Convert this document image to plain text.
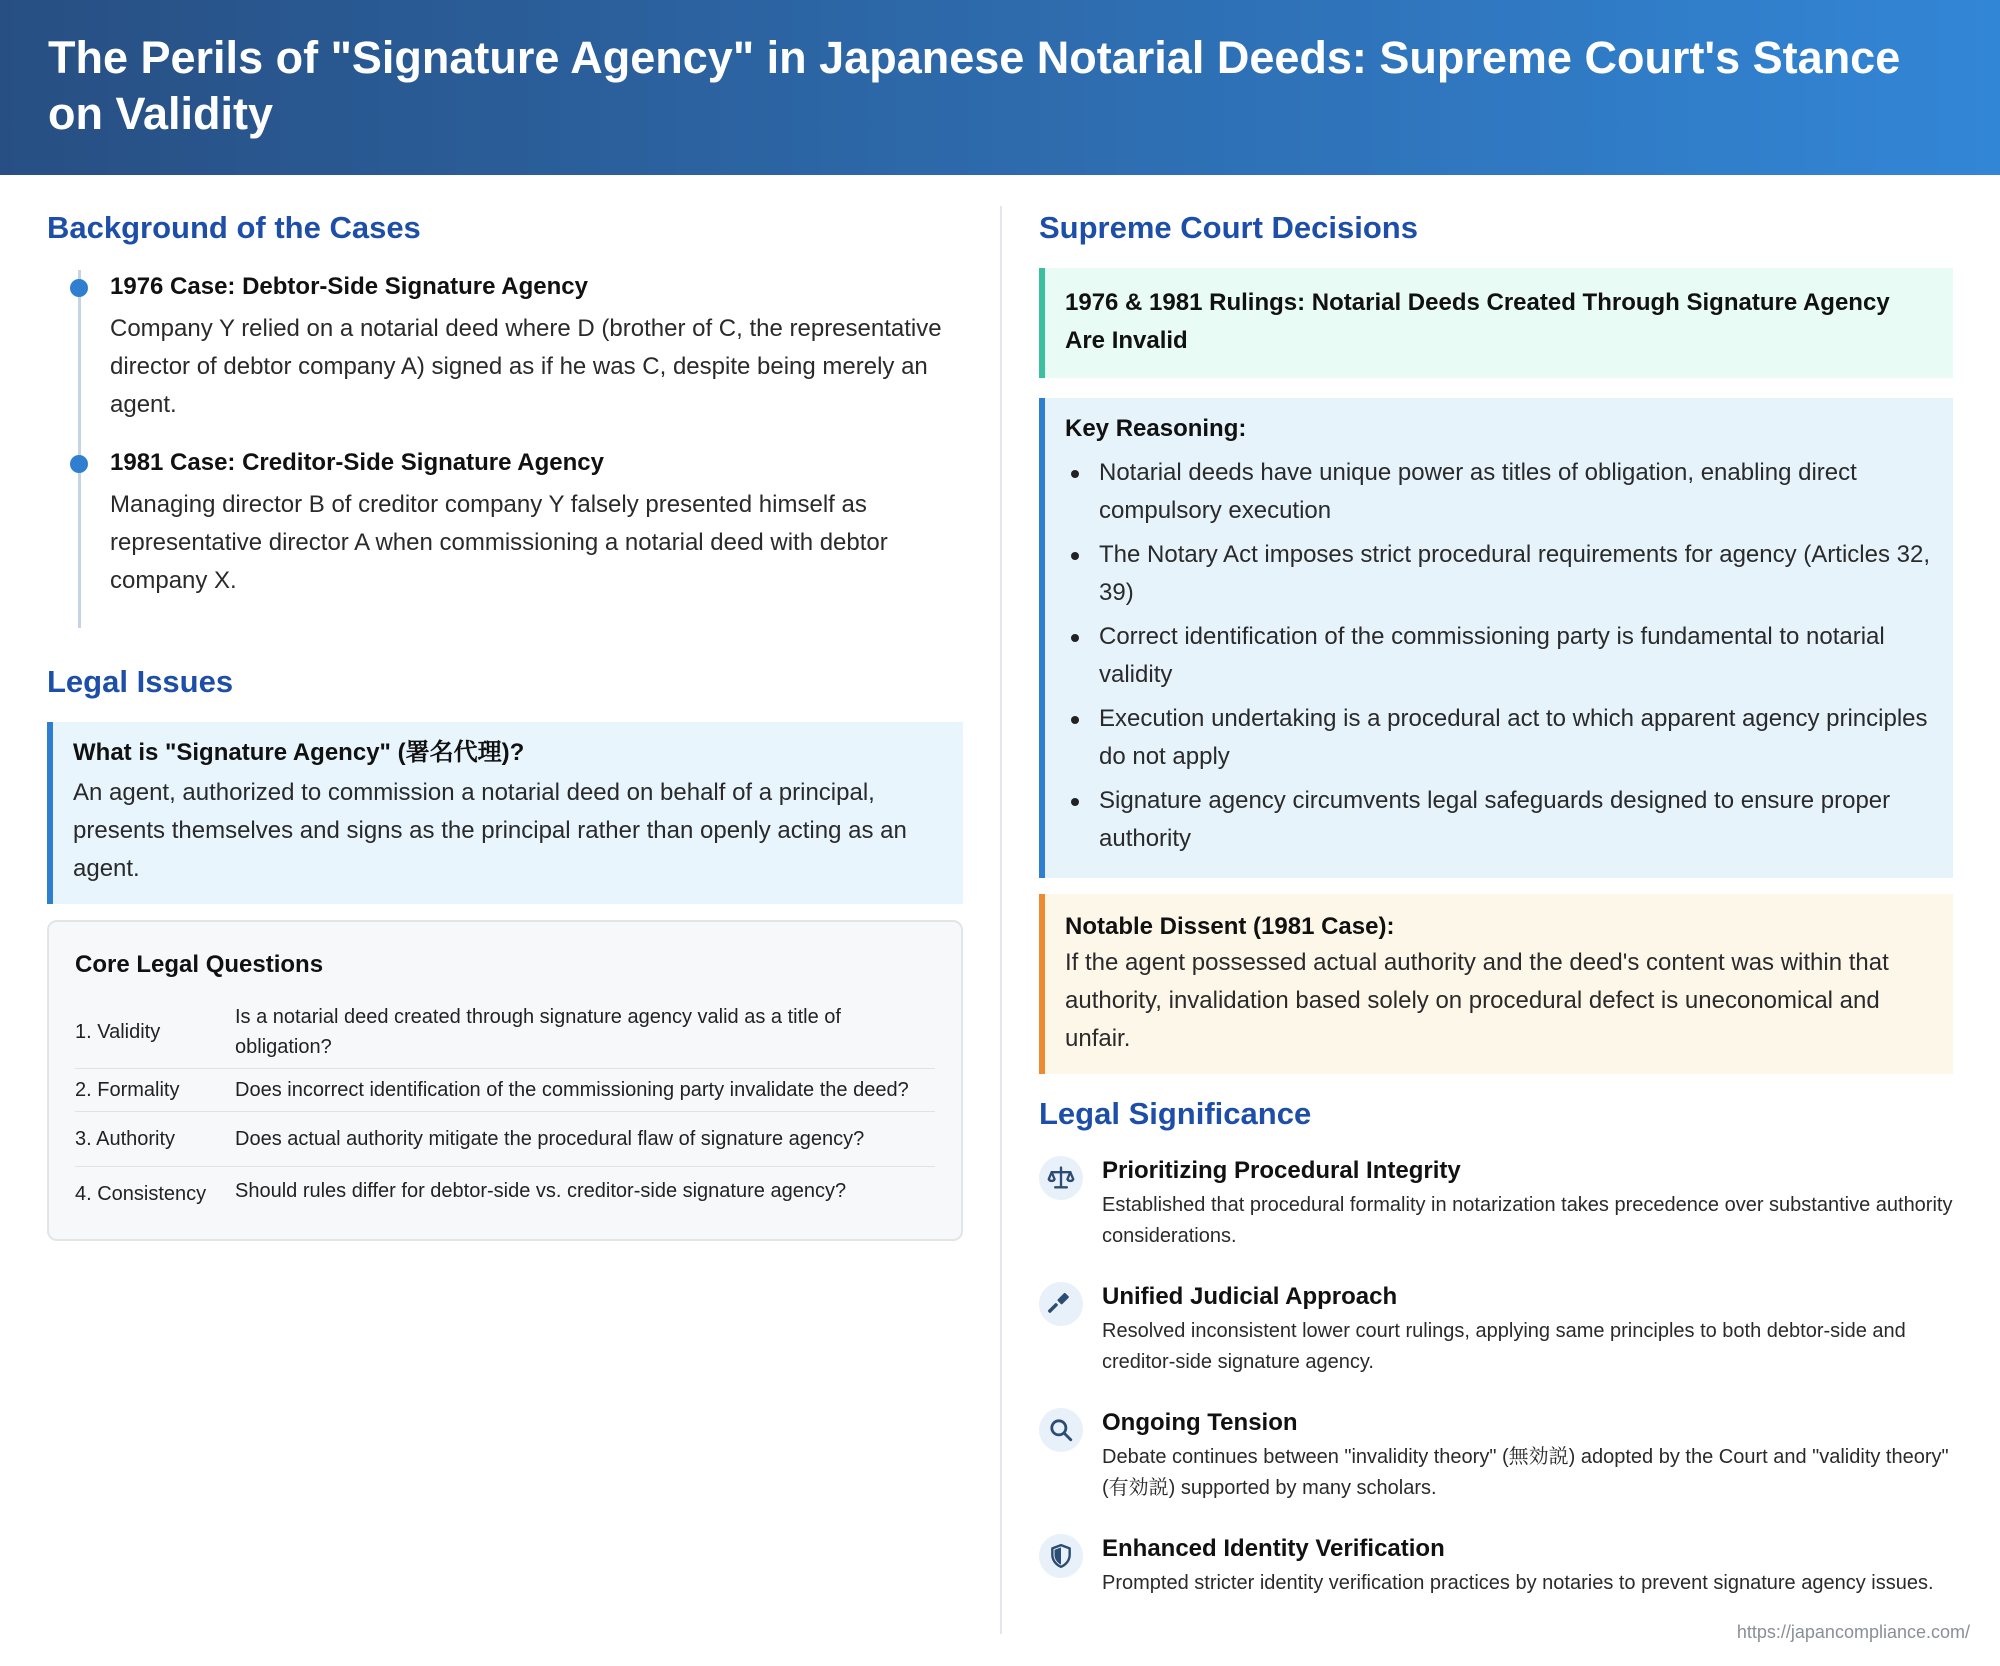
The Perils of "Signature Agency" in Japanese Notarial Deeds: Supreme Court's Stance on Validity
Background of the Cases
1976 Case: Debtor-Side Signature Agency
Company Y relied on a notarial deed where D (brother of C, the representative director of debtor company A) signed as if he was C, despite being merely an agent.
1981 Case: Creditor-Side Signature Agency
Managing director B of creditor company Y falsely presented himself as representative director A when commissioning a notarial deed with debtor company X.
Legal Issues
What is "Signature Agency" (署名代理)?
An agent, authorized to commission a notarial deed on behalf of a principal, presents themselves and signs as the principal rather than openly acting as an agent.
Core Legal Questions
1. Validity	Is a notarial deed created through signature agency valid as a title of obligation?
2. Formality	Does incorrect identification of the commissioning party invalidate the deed?
3. Authority	Does actual authority mitigate the procedural flaw of signature agency?
4. Consistency	Should rules differ for debtor-side vs. creditor-side signature agency?
Supreme Court Decisions
1976 & 1981 Rulings: Notarial Deeds Created Through Signature Agency Are Invalid
Key Reasoning:
Notarial deeds have unique power as titles of obligation, enabling direct compulsory execution
The Notary Act imposes strict procedural requirements for agency (Articles 32, 39)
Correct identification of the commissioning party is fundamental to notarial validity
Execution undertaking is a procedural act to which apparent agency principles do not apply
Signature agency circumvents legal safeguards designed to ensure proper authority
Notable Dissent (1981 Case):
If the agent possessed actual authority and the deed's content was within that authority, invalidation based solely on procedural defect is uneconomical and unfair.
Legal Significance
Prioritizing Procedural Integrity
Established that procedural formality in notarization takes precedence over substantive authority considerations.
Unified Judicial Approach
Resolved inconsistent lower court rulings, applying same principles to both debtor-side and creditor-side signature agency.
Ongoing Tension
Debate continues between "invalidity theory" (無効説) adopted by the Court and "validity theory" (有効説) supported by many scholars.
Enhanced Identity Verification
Prompted stricter identity verification practices by notaries to prevent signature agency issues.
https://japancompliance.com/
